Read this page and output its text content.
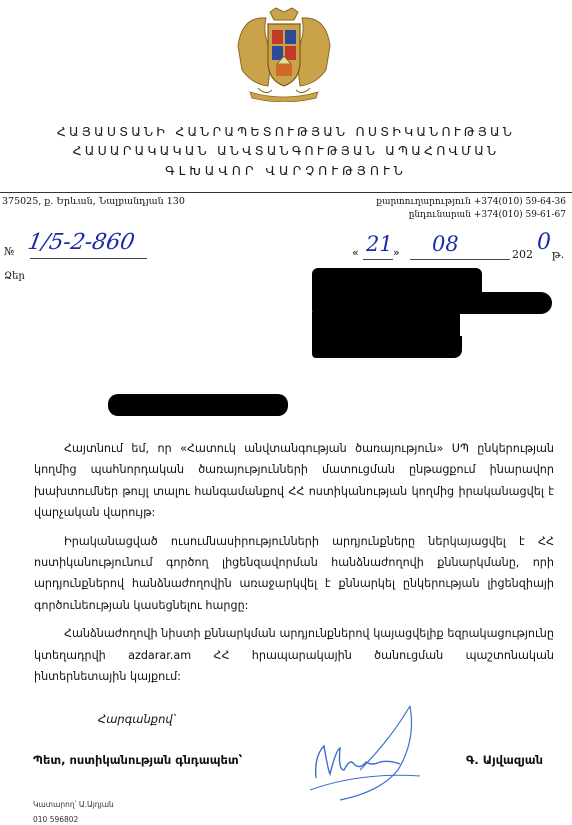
ՀԱՅԱՍՏԱՆԻ ՀԱՆՐԱՊԵՏՈՒԹՅԱՆ ՈՍՏԻԿԱՆՈՒԹՅԱՆ
ՀԱՍԱՐԱԿԱԿԱՆ ԱՆՎՏԱՆԳՈՒԹՅԱՆ ԱՊԱՀՈՎՄԱՆ
ԳԼԽԱՎՈՐ ՎԱՐՉՈՒԹՅՈՒՆ
375025, ք. Երևան, Նալբանդյան 130	քարտուղարություն +374(010) 59-64-36
ընդունարան +374(010) 59-61-67
№ 1/5-2-860
Ձեր
« 21 » 08	202 0 թ.

Հայտնում եմ, որ «Հատուկ անվտանգության ծառայություն» ՍՊ ընկերության կողմից պահնորդական ծառայությունների մատուցման ընթացքում ինարավոր խախտումներ թույլ տալու հանգամանքով ՀՀ ոստիկանության կողմից իրականացվել է վարչական վարույթ:

Իրականացված ուսումնասիրությունների արդյունքները ներկայացվել է ՀՀ ոստիկանությունում գործող լիցենզավորման հանձնաժողովի քննարկմանը, որի արդյունքներով հանձնաժողովին առաջարկվել է քննարկել ընկերության լիցենզիայի գործունեության կասեցնելու հարցը:

Հանձնաժողովի նիստի քննարկման արդյունքներով կայացվելիք եզրակացությունը կտեղադրվի azdarar.am ՀՀ հրապարակային ծանուցման պաշտոնական ինտերնետային կայքում:

Հարգանքով՝
Պետ, ոստիկանության գնդապետ՝	Գ. Այվազյան
Կատարող՝ Ա.Այդյան
010 596802
